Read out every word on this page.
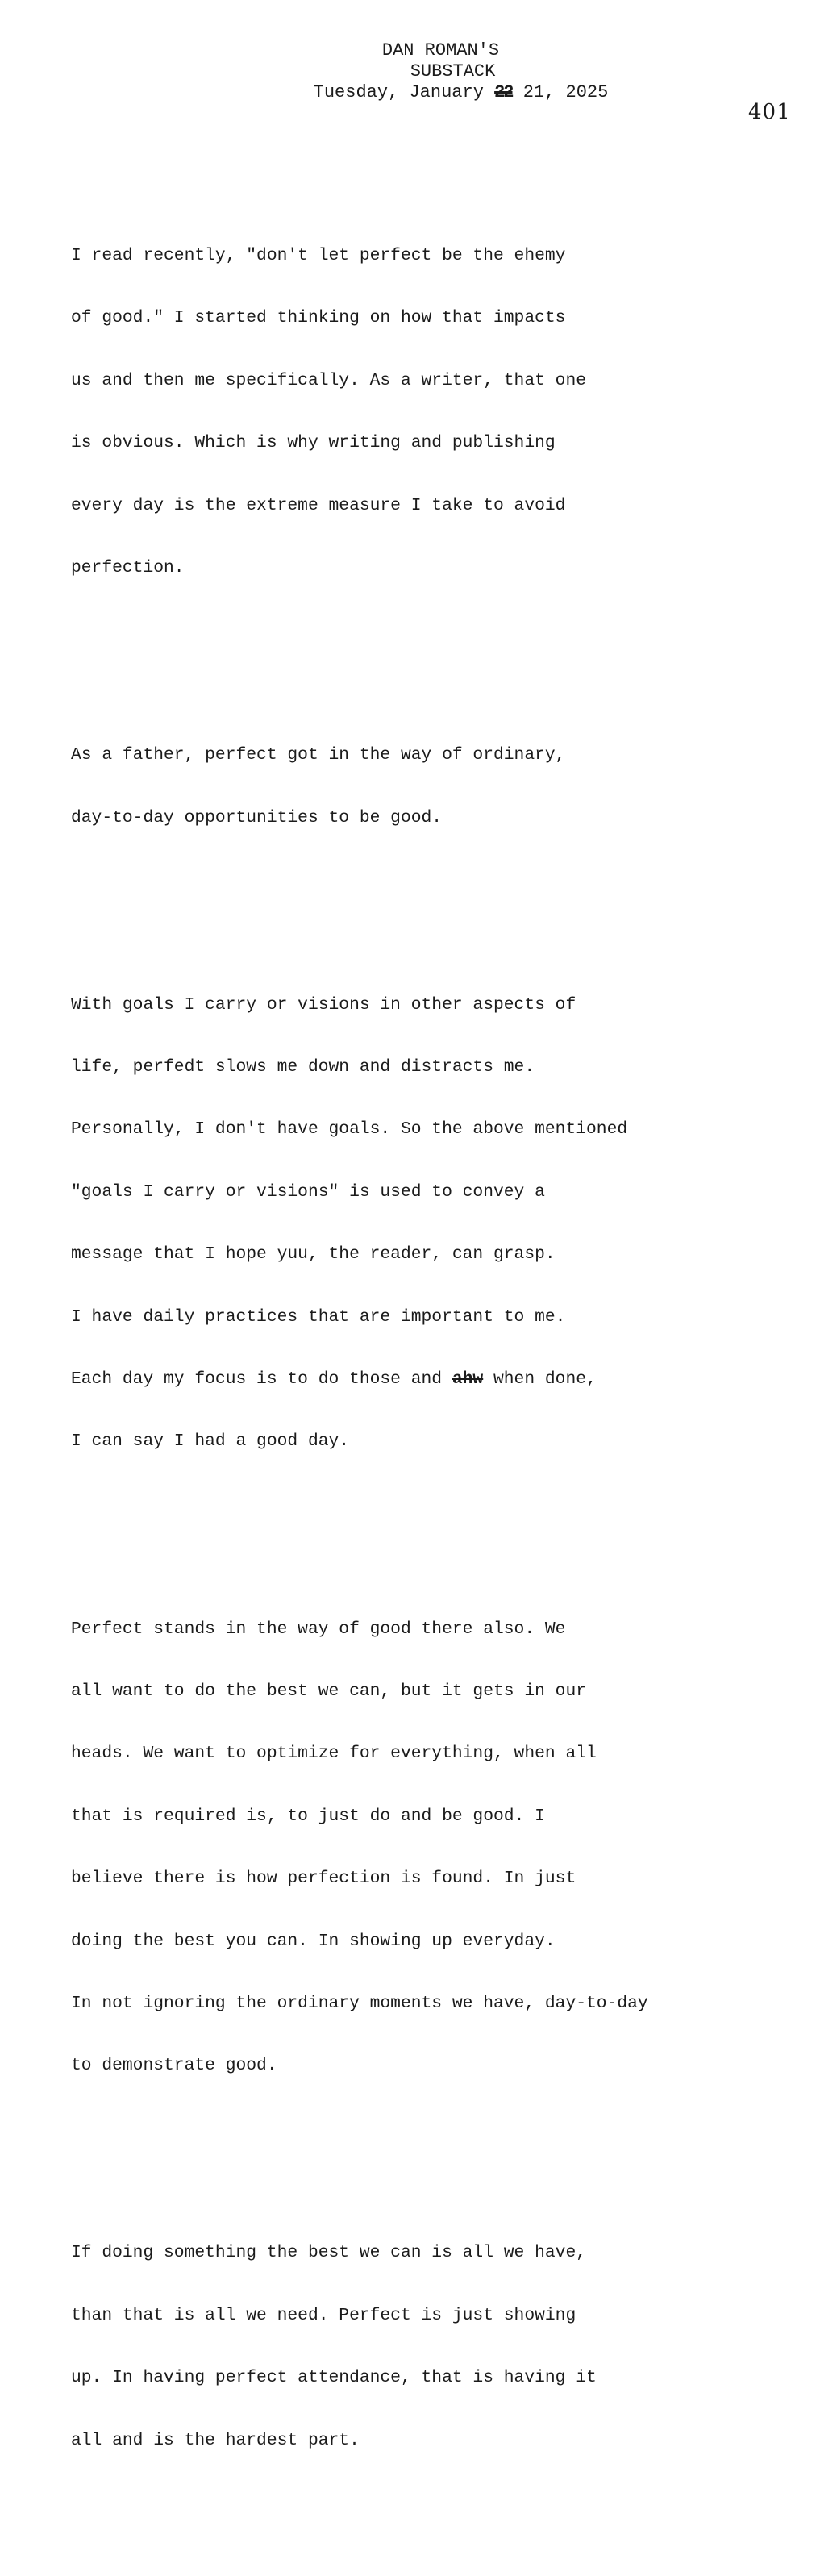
DAN ROMAN'S
SUBSTACK
Tuesday, January 22 21, 2025
401

I read recently, "don't let perfect be the ehemy

of good." I started thinking on how that impacts

us and then me specifically. As a writer, that one

is obvious. Which is why writing and publishing

every day is the extreme measure I take to avoid

perfection.

As a father, perfect got in the way of ordinary,

day-to-day opportunities to be good.

With goals I carry or visions in other aspects of

life, perfedt slows me down and distracts me.

Personally, I don't have goals. So the above mentioned

"goals I carry or visions" is used to convey a

message that I hope yuu, the reader, can grasp.

I have daily practices that are important to me.

Each day my focus is to do those and ahw when done,

I can say I had a good day.

Perfect stands in the way of good there also. We

all want to do the best we can, but it gets in our

heads. We want to optimize for everything, when all

that is required is, to just do and be good. I

believe there is how perfection is found. In just

doing the best you can. In showing up everyday.

In not ignoring the ordinary moments we have, day-to-day

to demonstrate good.

If doing something the best we can is all we have,

than that is all we need. Perfect is just showing

up. In having perfect attendance, that is having it

all and is the hardest part.
